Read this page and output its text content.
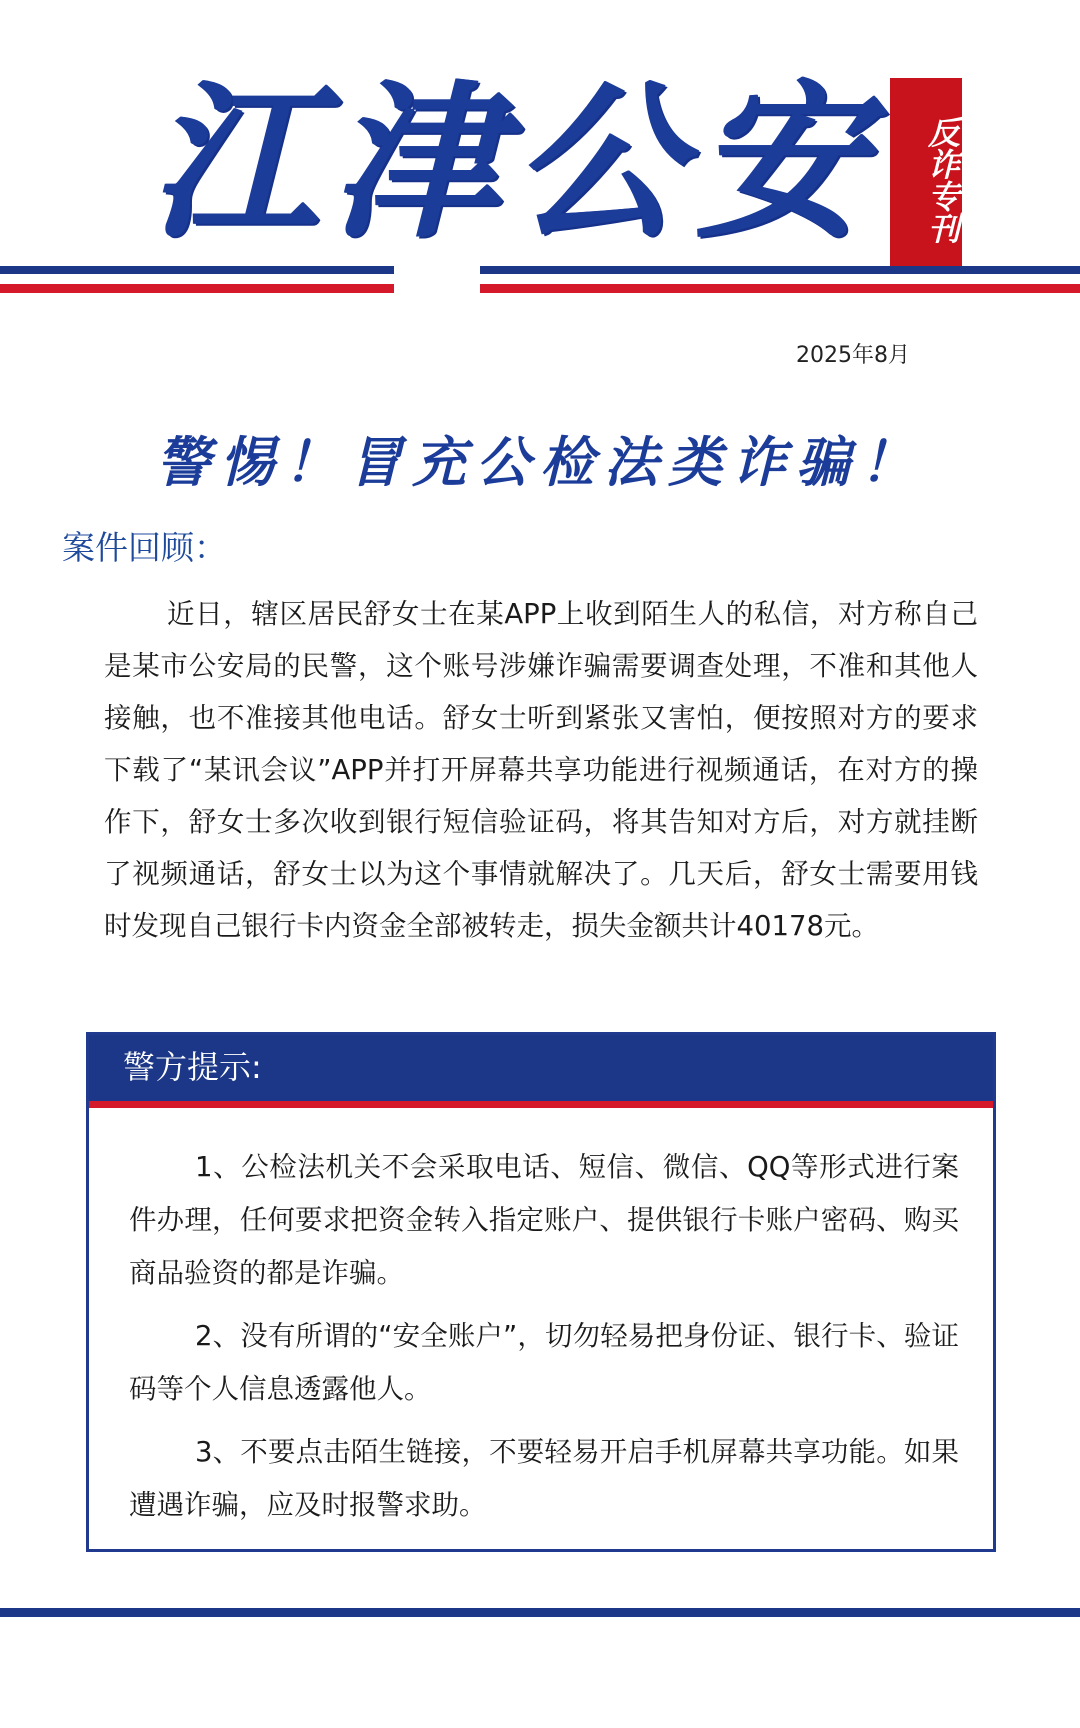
江津公安	反诈专刊
2025年8月
警惕！冒充公检法类诈骗！
案件回顾：

近日，辖区居民舒女士在某APP上收到陌生人的私信，对方称自己是某市公安局的民警，这个账号涉嫌诈骗需要调查处理，不准和其他人接触，也不准接其他电话。舒女士听到紧张又害怕，便按照对方的要求下载了“某讯会议”APP并打开屏幕共享功能进行视频通话，在对方的操作下，舒女士多次收到银行短信验证码，将其告知对方后，对方就挂断了视频通话，舒女士以为这个事情就解决了。几天后，舒女士需要用钱时发现自己银行卡内资金全部被转走，损失金额共计40178元。

警方提示:
1、公检法机关不会采取电话、短信、微信、QQ等形式进行案件办理，任何要求把资金转入指定账户、提供银行卡账户密码、购买商品验资的都是诈骗。
2、没有所谓的“安全账户”，切勿轻易把身份证、银行卡、验证码等个人信息透露他人。
3、不要点击陌生链接，不要轻易开启手机屏幕共享功能。如果遭遇诈骗，应及时报警求助。
